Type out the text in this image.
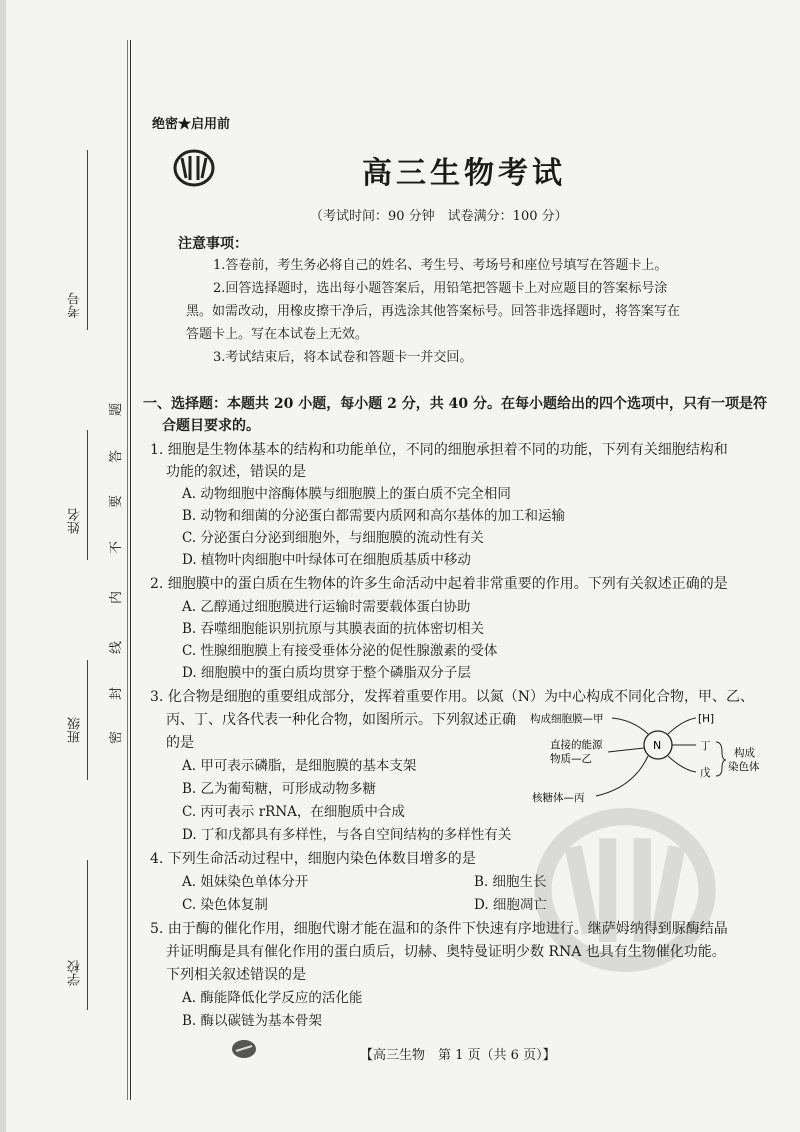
考号
姓名
班级
学校
题
答
要
不
内
线
封
密
绝密★启用前
高三生物考试
（考试时间：90 分钟　试卷满分：100 分）
注意事项：
1.答卷前，考生务必将自己的姓名、考生号、考场号和座位号填写在答题卡上。
2.回答选择题时，选出每小题答案后，用铅笔把答题卡上对应题目的答案标号涂
黑。如需改动，用橡皮擦干净后，再选涂其他答案标号。回答非选择题时，将答案写在
答题卡上。写在本试卷上无效。
3.考试结束后，将本试卷和答题卡一并交回。
一、选择题：本题共 20 小题，每小题 2 分，共 40 分。在每小题给出的四个选项中，只有一项是符
合题目要求的。
1. 细胞是生物体基本的结构和功能单位，不同的细胞承担着不同的功能，下列有关细胞结构和
功能的叙述，错误的是
A. 动物细胞中溶酶体膜与细胞膜上的蛋白质不完全相同
B. 动物和细菌的分泌蛋白都需要内质网和高尔基体的加工和运输
C. 分泌蛋白分泌到细胞外，与细胞膜的流动性有关
D. 植物叶肉细胞中叶绿体可在细胞质基质中移动
2. 细胞膜中的蛋白质在生物体的许多生命活动中起着非常重要的作用。下列有关叙述正确的是
A. 乙醇通过细胞膜进行运输时需要载体蛋白协助
B. 吞噬细胞能识别抗原与其膜表面的抗体密切相关
C. 性腺细胞膜上有接受垂体分泌的促性腺激素的受体
D. 细胞膜中的蛋白质均贯穿于整个磷脂双分子层
3. 化合物是细胞的重要组成部分，发挥着重要作用。以氮（N）为中心构成不同化合物，甲、乙、
丙、丁、戊各代表一种化合物，如图所示。下列叙述正确
的是
A. 甲可表示磷脂，是细胞膜的基本支架
B. 乙为葡萄糖，可形成动物多糖
C. 丙可表示 rRNA，在细胞质中合成
D. 丁和戊都具有多样性，与各自空间结构的多样性有关
构成细胞膜—甲
直接的能源
物质—乙
核糖体—丙
N
[H]
丁
戊
构成
染色体
4. 下列生命活动过程中，细胞内染色体数目增多的是
A. 姐妹染色单体分开	B. 细胞生长
C. 染色体复制	D. 细胞凋亡
5. 由于酶的催化作用，细胞代谢才能在温和的条件下快速有序地进行。继萨姆纳得到脲酶结晶
并证明酶是具有催化作用的蛋白质后，切赫、奥特曼证明少数 RNA 也具有生物催化功能。
下列相关叙述错误的是
A. 酶能降低化学反应的活化能
B. 酶以碳链为基本骨架
【高三生物　第 1 页（共 6 页）】
